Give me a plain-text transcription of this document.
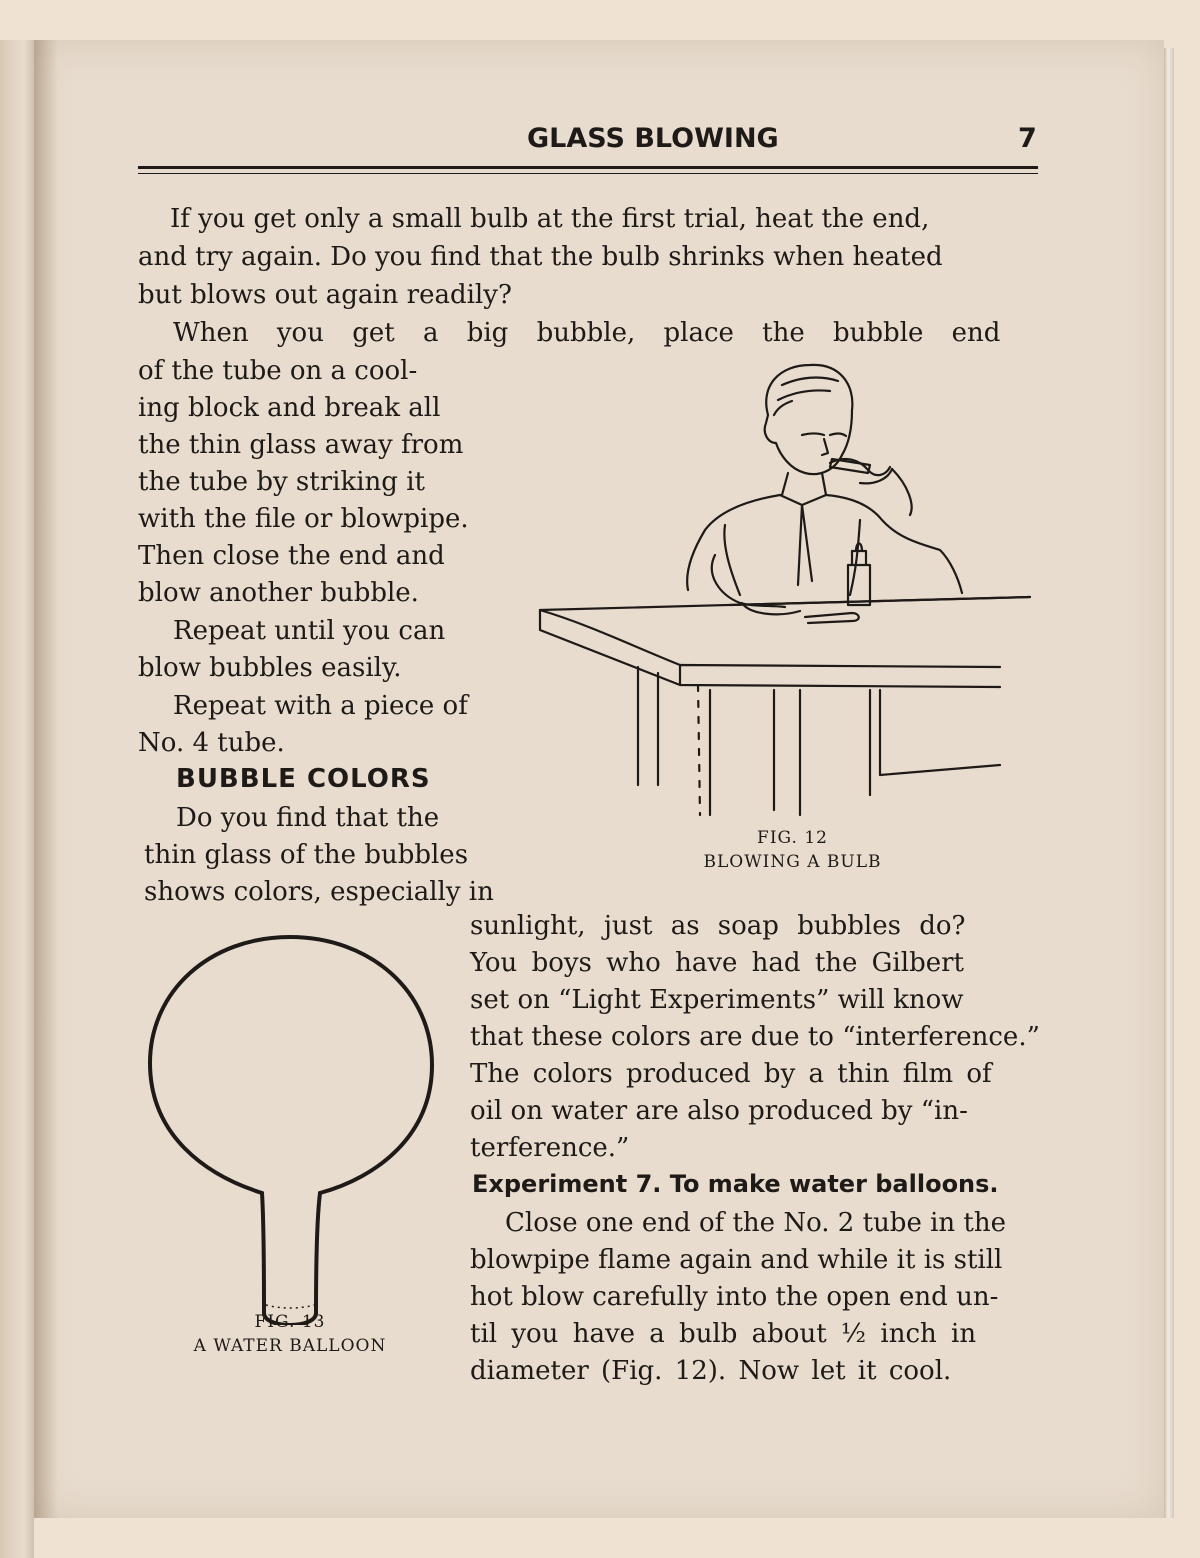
GLASS BLOWING	7
If you get only a small bulb at the first trial, heat the end,
and try again. Do you find that the bulb shrinks when heated
but blows out again readily?
When you get a big bubble, place the bubble end
of the tube on a cool-
ing block and break all
the thin glass away from
the tube by striking it
with the file or blowpipe.
Then close the end and
blow another bubble.
Repeat until you can
blow bubbles easily.
Repeat with a piece of
No. 4 tube.
BUBBLE COLORS
Do you find that the
thin glass of the bubbles
shows colors, especially in
sunlight, just as soap bubbles do?
You boys who have had the Gilbert
set on “Light Experiments” will know
that these colors are due to “interference.”
The colors produced by a thin film of
oil on water are also produced by “in-
terference.”
Experiment 7. To make water balloons.
Close one end of the No. 2 tube in the
blowpipe flame again and while it is still
hot blow carefully into the open end un-
til you have a bulb about ½ inch in
diameter (Fig. 12). Now let it cool.
FIG. 12
BLOWING A BULB
FIG. 13
A WATER BALLOON
